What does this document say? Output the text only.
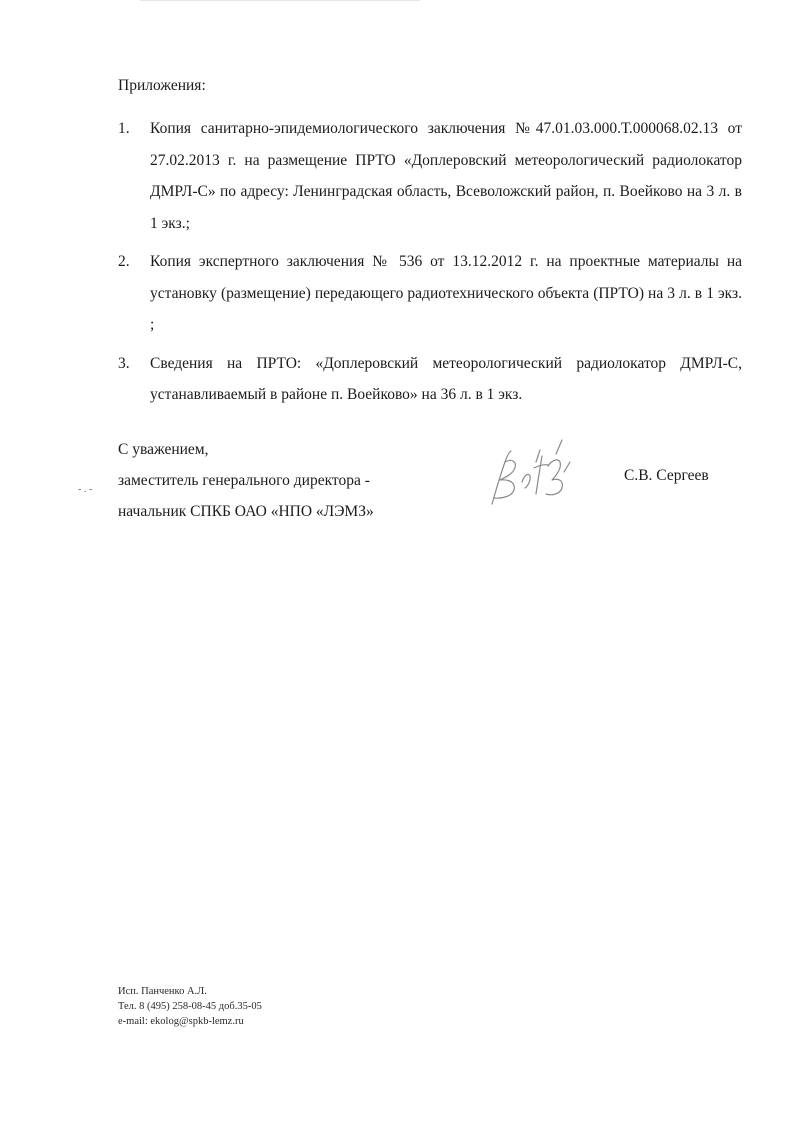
Приложения:
1. Копия санитарно-эпидемиологического заключения №47.01.03.000.Т.000068.02.13 от 27.02.2013 г. на размещение ПРТО «Доплеровский метеорологический радиолокатор ДМРЛ-С» по адресу: Ленинградская область, Всеволожский район, п. Воейково на 3 л. в 1 экз.;
2. Копия экспертного заключения № 536 от 13.12.2012 г. на проектные материалы на установку (размещение) передающего радиотехнического объекта (ПРТО) на 3 л. в 1 экз. ;
3. Сведения на ПРТО: «Доплеровский метеорологический радиолокатор ДМРЛ-С, устанавливаемый в районе п. Воейково» на 36 л. в 1 экз.
С уважением,
заместитель генерального директора -
начальник СПКБ ОАО «НПО «ЛЭМЗ»
С.В. Сергеев
- . -
Исп. Панченко А.Л.
Тел. 8 (495) 258-08-45 доб.35-05
e-mail: ekolog@spkb-lemz.ru
